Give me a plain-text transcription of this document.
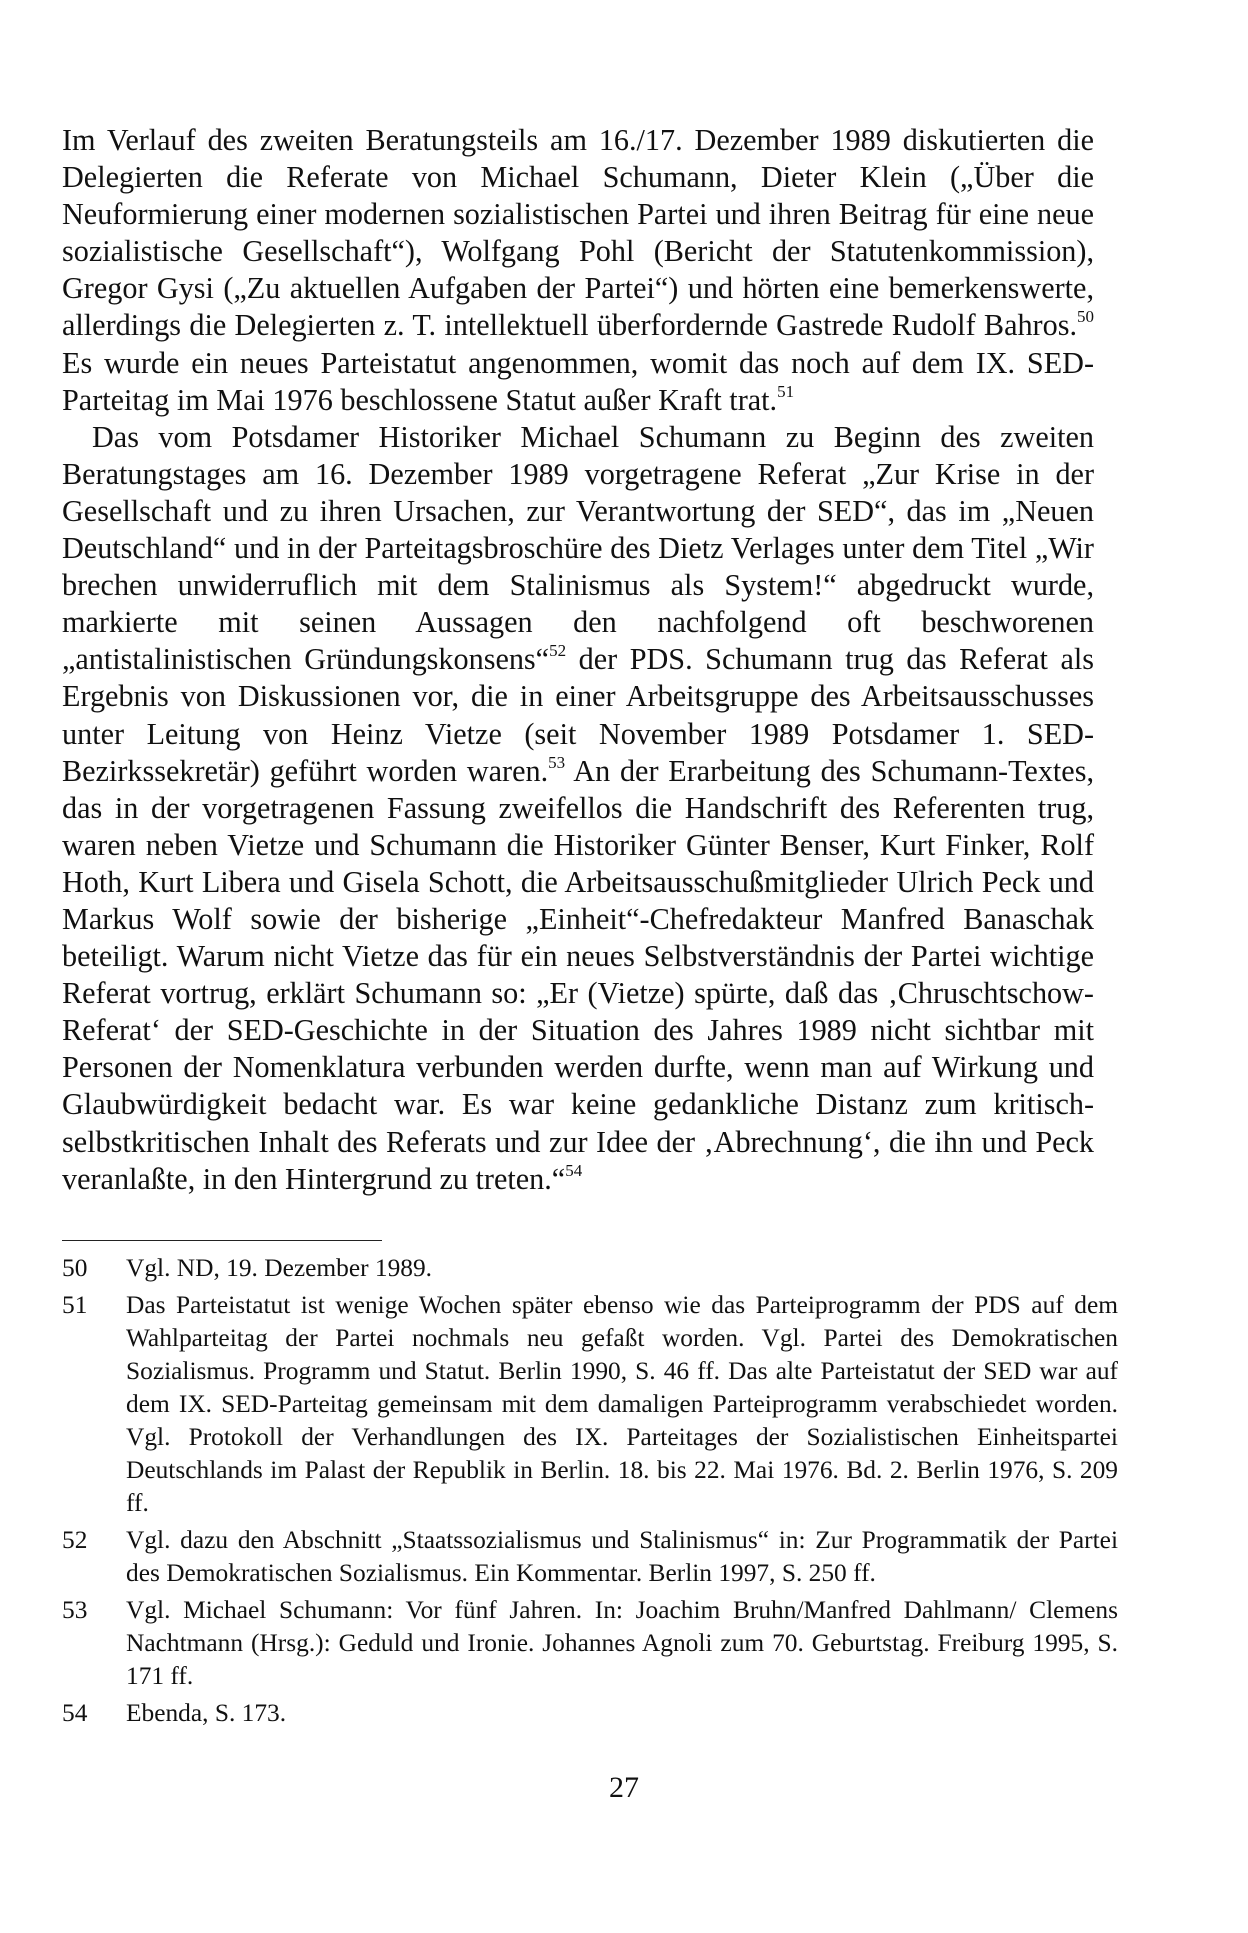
Im Verlauf des zweiten Beratungsteils am 16./17. Dezember 1989 diskutierten die Delegierten die Referate von Michael Schumann, Dieter Klein („Über die Neuformierung einer modernen sozialistischen Partei und ihren Beitrag für eine neue sozialistische Gesellschaft“), Wolfgang Pohl (Bericht der Statutenkommission), Gregor Gysi („Zu aktuellen Aufgaben der Partei“) und hörten eine bemerkenswerte, allerdings die Delegierten z. T. intellektuell überfordernde Gastrede Rudolf Bahros.$^{50}$ Es wurde ein neues Parteistatut angenommen, womit das noch auf dem IX. SED-Parteitag im Mai 1976 beschlossene Statut außer Kraft trat.$^{51}$

Das vom Potsdamer Historiker Michael Schumann zu Beginn des zweiten Beratungstages am 16. Dezember 1989 vorgetragene Referat „Zur Krise in der Gesellschaft und zu ihren Ursachen, zur Verantwortung der SED“, das im „Neuen Deutschland“ und in der Parteitagsbroschüre des Dietz Verlages unter dem Titel „Wir brechen unwiderruflich mit dem Stalinismus als System!“ abgedruckt wurde, markierte mit seinen Aussagen den nachfolgend oft beschworenen „antistalinistischen Gründungskonsens“$^{52}$ der PDS. Schumann trug das Referat als Ergebnis von Diskussionen vor, die in einer Arbeitsgruppe des Arbeitsausschusses unter Leitung von Heinz Vietze (seit November 1989 Potsdamer 1. SED-Bezirkssekretär) geführt worden waren.$^{53}$ An der Erarbeitung des Schumann-Textes, das in der vorgetragenen Fassung zweifellos die Handschrift des Referenten trug, waren neben Vietze und Schumann die Historiker Günter Benser, Kurt Finker, Rolf Hoth, Kurt Libera und Gisela Schott, die Arbeitsausschußmitglieder Ulrich Peck und Markus Wolf sowie der bisherige „Einheit“-Chefredakteur Manfred Banaschak beteiligt. Warum nicht Vietze das für ein neues Selbstverständnis der Partei wichtige Referat vortrug, erklärt Schumann so: „Er (Vietze) spürte, daß das ‚Chruschtschow-Referat‘ der SED-Geschichte in der Situation des Jahres 1989 nicht sichtbar mit Personen der Nomenklatura verbunden werden durfte, wenn man auf Wirkung und Glaubwürdigkeit bedacht war. Es war keine gedankliche Distanz zum kritisch-selbstkritischen Inhalt des Referats und zur Idee der ‚Abrechnung‘, die ihn und Peck veranlaßte, in den Hintergrund zu treten.“$^{54}$

50	Vgl. ND, 19. Dezember 1989.
51	Das Parteistatut ist wenige Wochen später ebenso wie das Parteiprogramm der PDS auf dem Wahlparteitag der Partei nochmals neu gefaßt worden. Vgl. Partei des Demokratischen Sozialismus. Programm und Statut. Berlin 1990, S. 46 ff. Das alte Parteistatut der SED war auf dem IX. SED-Parteitag gemeinsam mit dem damaligen Parteiprogramm verabschiedet worden. Vgl. Protokoll der Verhandlungen des IX. Parteitages der Sozialistischen Einheitspartei Deutschlands im Palast der Republik in Berlin. 18. bis 22. Mai 1976. Bd. 2. Berlin 1976, S. 209 ff.
52	Vgl. dazu den Abschnitt „Staatssozialismus und Stalinismus“ in: Zur Programmatik der Partei des Demokratischen Sozialismus. Ein Kommentar. Berlin 1997, S. 250 ff.
53	Vgl. Michael Schumann: Vor fünf Jahren. In: Joachim Bruhn/Manfred Dahlmann/ Clemens Nachtmann (Hrsg.): Geduld und Ironie. Johannes Agnoli zum 70. Geburtstag. Freiburg 1995, S. 171 ff.
54	Ebenda, S. 173.
27
